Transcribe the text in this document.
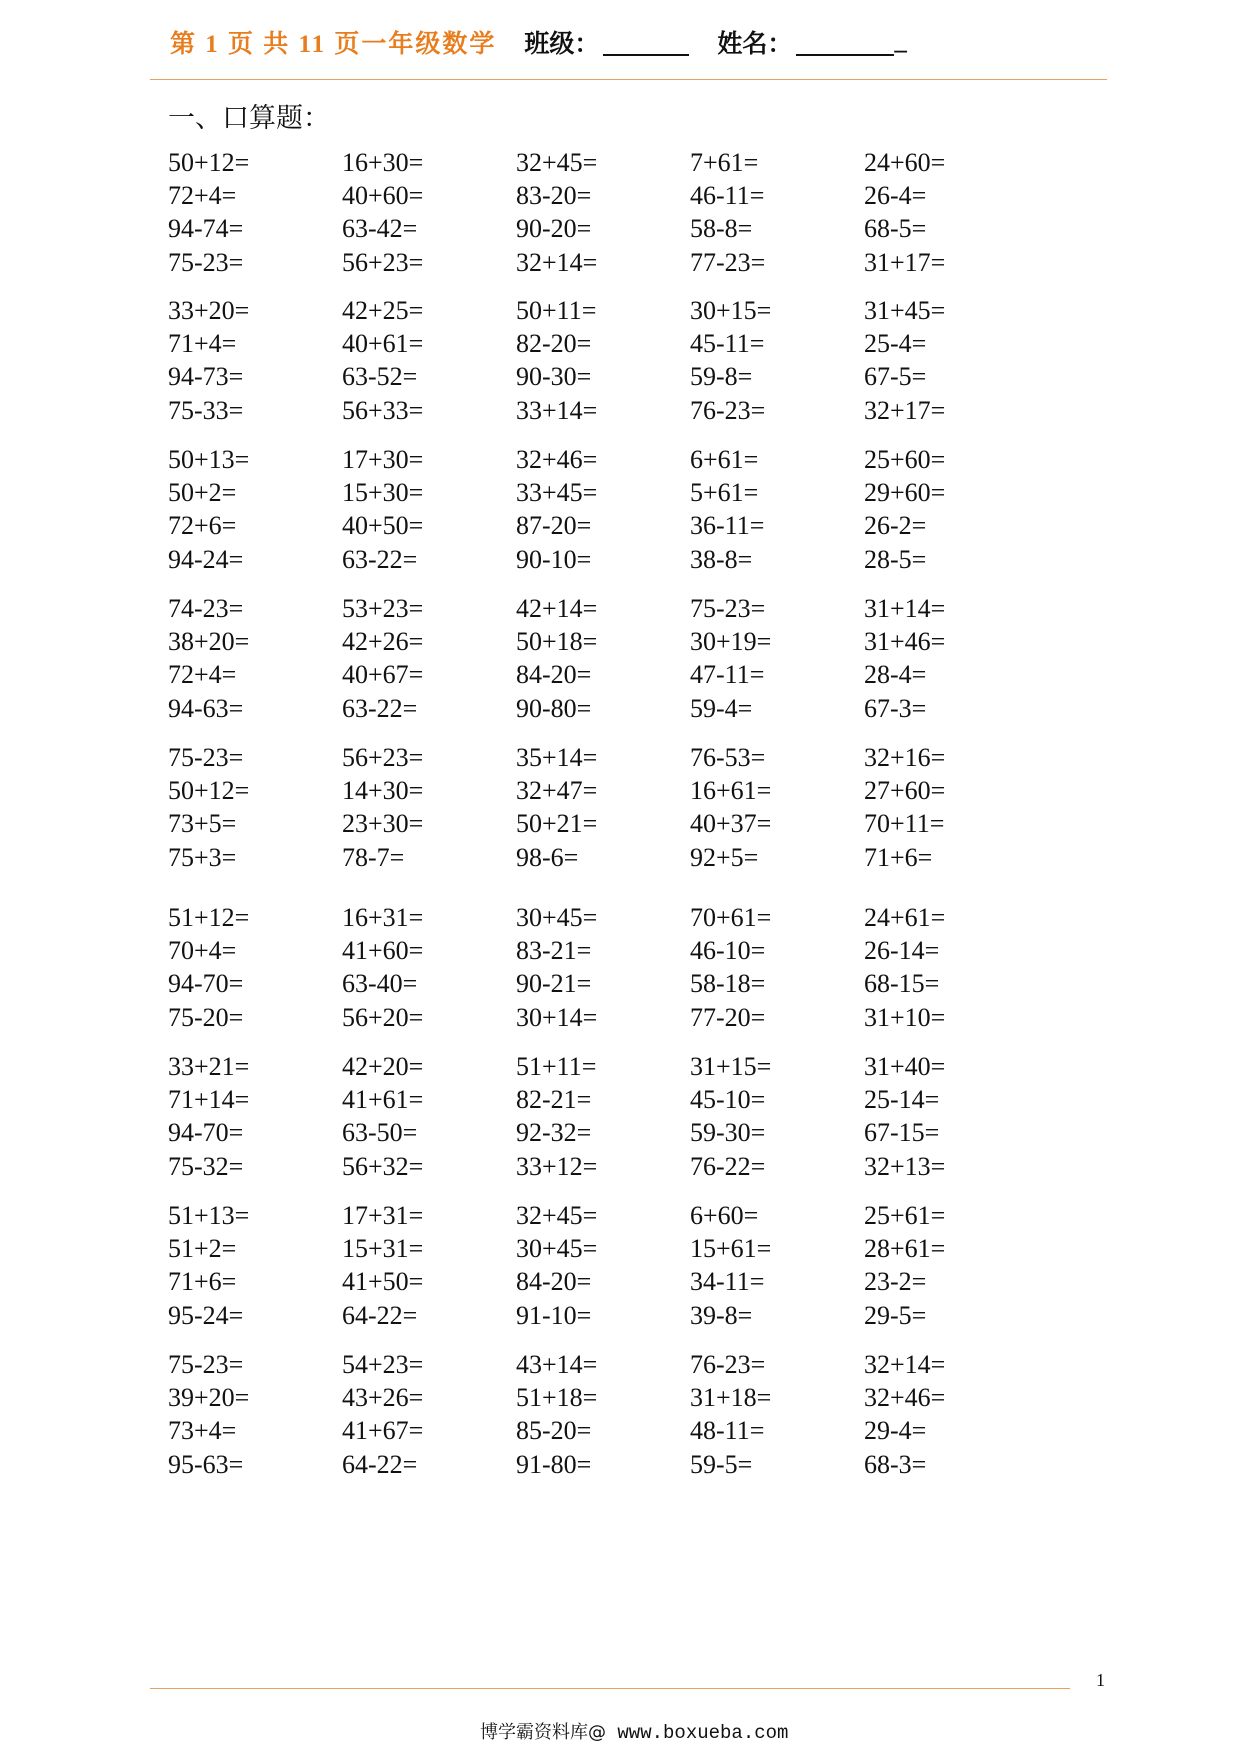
第 1 页 共 11 页一年级数学 班级：	姓名：	_
一、口算题：
50+12=	16+30=	32+45=	7+61=	24+60=
72+4=	40+60=	83-20=	46-11=	26-4=
94-74=	63-42=	90-20=	58-8=	68-5=
75-23=	56+23=	32+14=	77-23=	31+17=
33+20=	42+25=	50+11=	30+15=	31+45=
71+4=	40+61=	82-20=	45-11=	25-4=
94-73=	63-52=	90-30=	59-8=	67-5=
75-33=	56+33=	33+14=	76-23=	32+17=
50+13=	17+30=	32+46=	6+61=	25+60=
50+2=	15+30=	33+45=	5+61=	29+60=
72+6=	40+50=	87-20=	36-11=	26-2=
94-24=	63-22=	90-10=	38-8=	28-5=
74-23=	53+23=	42+14=	75-23=	31+14=
38+20=	42+26=	50+18=	30+19=	31+46=
72+4=	40+67=	84-20=	47-11=	28-4=
94-63=	63-22=	90-80=	59-4=	67-3=
75-23=	56+23=	35+14=	76-53=	32+16=
50+12=	14+30=	32+47=	16+61=	27+60=
73+5=	23+30=	50+21=	40+37=	70+11=
75+3=	78-7=	98-6=	92+5=	71+6=
51+12=	16+31=	30+45=	70+61=	24+61=
70+4=	41+60=	83-21=	46-10=	26-14=
94-70=	63-40=	90-21=	58-18=	68-15=
75-20=	56+20=	30+14=	77-20=	31+10=
33+21=	42+20=	51+11=	31+15=	31+40=
71+14=	41+61=	82-21=	45-10=	25-14=
94-70=	63-50=	92-32=	59-30=	67-15=
75-32=	56+32=	33+12=	76-22=	32+13=
51+13=	17+31=	32+45=	6+60=	25+61=
51+2=	15+31=	30+45=	15+61=	28+61=
71+6=	41+50=	84-20=	34-11=	23-2=
95-24=	64-22=	91-10=	39-8=	29-5=
75-23=	54+23=	43+14=	76-23=	32+14=
39+20=	43+26=	51+18=	31+18=	32+46=
73+4=	41+67=	85-20=	48-11=	29-4=
95-63=	64-22=	91-80=	59-5=	68-3=
1
博学霸资料库@ www.boxueba.com
